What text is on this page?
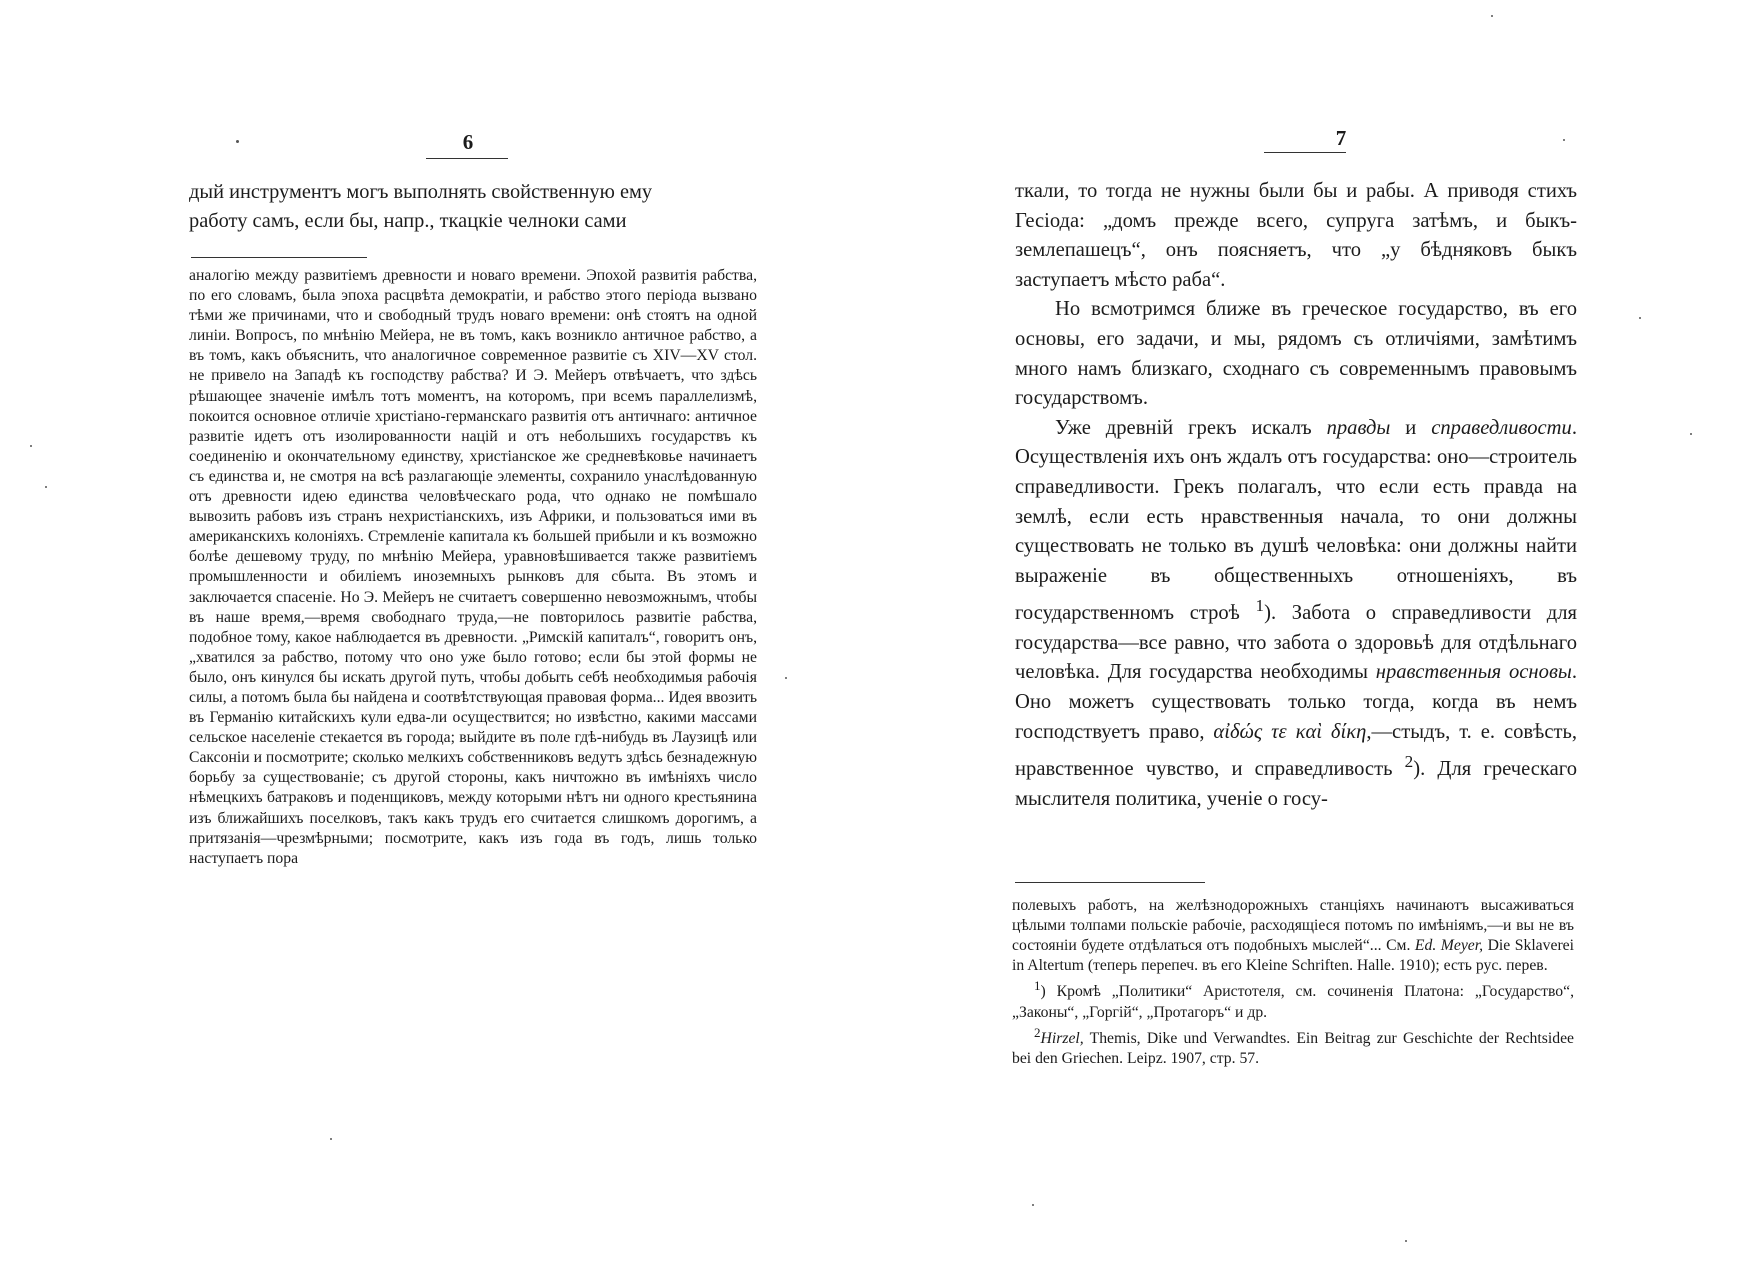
6

дый инструментъ могъ выполнять свойственную ему

работу самъ, если бы, напр., ткацкіе челноки сами

аналогію между развитіемъ древности и новаго времени. Эпохой развитія рабства, по его словамъ, была эпоха расцвѣта демократіи, и рабство этого періода вызвано тѣми же причинами, что и свободный трудъ новаго времени: онѣ стоятъ на одной линіи. Вопросъ, по мнѣнію Мейера, не въ томъ, какъ возникло античное рабство, а въ томъ, какъ объяснить, что аналогичное современное развитіе съ XIV—XV стол. не привело на Западѣ къ господству рабства? И Э. Мейеръ отвѣчаетъ, что здѣсь рѣшающее значеніе имѣлъ тотъ моментъ, на которомъ, при всемъ параллелизмѣ, покоится основное отличіе христіано-германскаго развитія отъ античнаго: античное развитіе идетъ отъ изолированности націй и отъ небольшихъ государствъ къ соединенію и окончательному единству, христіанское же средневѣковье начинаетъ съ единства и, не смотря на всѣ разлагающіе элементы, сохранило унаслѣдованную отъ древности идею единства человѣческаго рода, что однако не помѣшало вывозить рабовъ изъ странъ нехристіанскихъ, изъ Африки, и пользоваться ими въ американскихъ колоніяхъ. Стремленіе капитала къ большей прибыли и къ возможно болѣе дешевому труду, по мнѣнію Мейера, уравновѣшивается также развитіемъ промышленности и обиліемъ иноземныхъ рынковъ для сбыта. Въ этомъ и заключается спасеніе. Но Э. Мейеръ не считаетъ совершенно невозможнымъ, чтобы въ наше время,—время свободнаго труда,—не повторилось развитіе рабства, подобное тому, какое наблюдается въ древности. „Римскій капиталъ“, говоритъ онъ, „хватился за рабство, потому что оно уже было готово; если бы этой формы не было, онъ кинулся бы искать другой путь, чтобы добыть себѣ необходимыя рабочія силы, а потомъ была бы найдена и соотвѣтствующая правовая форма... Идея ввозить въ Германію китайскихъ кули едва-ли осуществится; но извѣстно, какими массами сельское населеніе стекается въ города; выйдите въ поле гдѣ-нибудь въ Лаузицѣ или Саксоніи и посмотрите; сколько мелкихъ собственниковъ ведутъ здѣсь безнадежную борьбу за существованіе; съ другой стороны, какъ ничтожно въ имѣніяхъ число нѣмецкихъ батраковъ и поденщиковъ, между которыми нѣтъ ни одного крестьянина изъ ближайшихъ поселковъ, такъ какъ трудъ его считается слишкомъ дорогимъ, а притязанія—чрезмѣрными; посмотрите, какъ изъ года въ годъ, лишь только наступаетъ пора

7

ткали, то тогда не нужны были бы и рабы. А приводя стихъ Гесіода: „домъ прежде всего, супруга затѣмъ, и быкъ-землепашецъ“, онъ поясняетъ, что „у бѣдняковъ быкъ заступаетъ мѣсто раба“.

Но всмотримся ближе въ греческое государство, въ его основы, его задачи, и мы, рядомъ съ отличіями, замѣтимъ много намъ близкаго, сходнаго съ современнымъ правовымъ государствомъ.

Уже древній грекъ искалъ правды и справедливости. Осуществленія ихъ онъ ждалъ отъ государства: оно—строитель справедливости. Грекъ полагалъ, что если есть правда на землѣ, если есть нравственныя начала, то они должны существовать не только въ душѣ человѣка: они должны найти выраженіе въ общественныхъ отношеніяхъ, въ государственномъ строѣ $^1$). Забота о справедливости для государства—все равно, что забота о здоровьѣ для отдѣльнаго человѣка. Для государства необходимы нравственныя основы. Оно можетъ существовать только тогда, когда въ немъ господствуетъ право, αἰδώς τε καὶ δίκη,—стыдъ, т. е. совѣсть, нравственное чувство, и справедливость $^2$). Для греческаго мыслителя политика, ученіе о госу-

полевыхъ работъ, на желѣзнодорожныхъ станціяхъ начинаютъ высаживаться цѣлыми толпами польскіе рабочіе, расходящіеся потомъ по имѣніямъ,—и вы не въ состояніи будете отдѣлаться отъ подобныхъ мыслей“... См. Ed. Meyer, Die Sklaverei in Altertum (теперь перепеч. въ его Kleine Schriften. Halle. 1910); есть рус. перев.

$^1$) Кромѣ „Политики“ Аристотеля, см. сочиненія Платона: „Государство“, „Законы“, „Горгій“, „Протагоръ“ и др.

$^2$Hirzel, Themis, Dike und Verwandtes. Ein Beitrag zur Geschichte der Rechtsidee bei den Griechen. Leipz. 1907, стр. 57.
